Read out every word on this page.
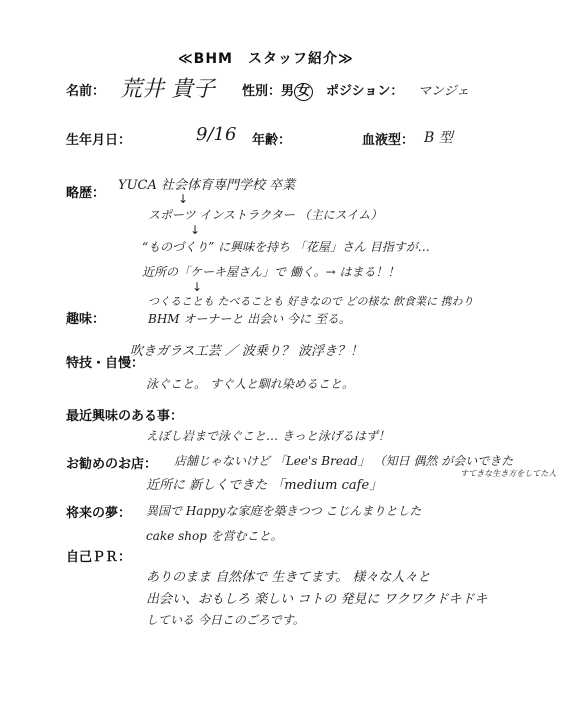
≪BHM　スタッフ紹介≫
名前： 荒井 貴子 性別：男 女 ポジション： マンジェ
生年月日：	9/16 年齢：	血液型： B 型
略歴：
YUCA 社会体育専門学校 卒業
↓
スポーツ インストラクター （主にスイム）
↓
“ものづくり” に興味を持ち 「花屋」さん 目指すが…
近所の「ケーキ屋さん」で 働く。→ はまる！！
↓
つくることも たべることも 好きなので どの様な 飲食業に 携わり
趣味：	BHM オーナーと 出会い 今に 至る。
吹きガラス工芸 ／ 波乗り？ 波浮き？！
特技・自慢：
泳ぐこと。 すぐ人と馴れ染めること。
最近興味のある事：
えぼし岩まで泳ぐこと… きっと泳げるはず！
お勧めのお店： 店舗じゃないけど 「Lee's Bread」 （知日 偶然 が会いできた
すてきな生き方をしてた人
近所に 新しくできた 「medium cafe」
将来の夢： 異国で Happyな家庭を築きつつ こじんまりとした
cake shop を営むこと。
自己ＰＲ：
ありのまま 自然体で 生きてます。 様々な人々と
出会い、おもしろ 楽しい コトの 発見に ワクワクドキドキ
している 今日このごろです。
